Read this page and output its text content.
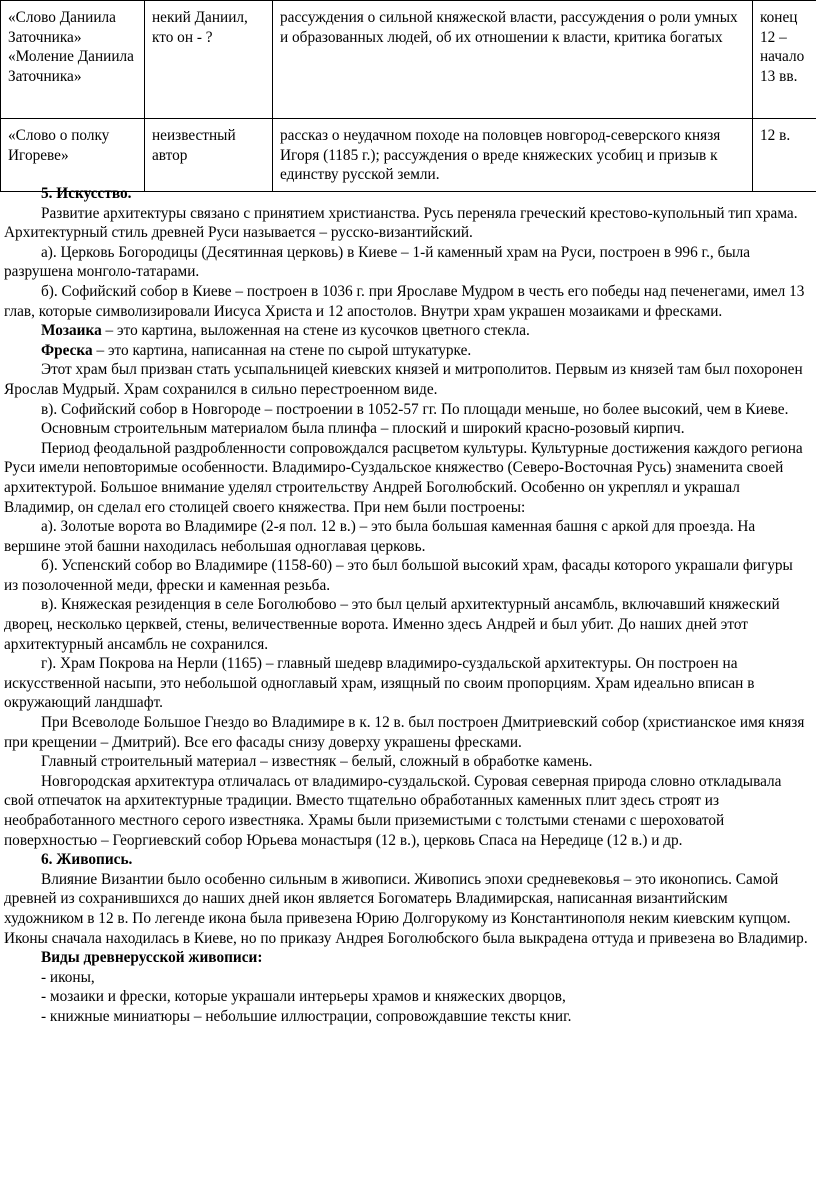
«Слово Даниила Заточника» «Моление Даниила Заточника»	некий Даниил, кто он - ?	рассуждения о сильной княжеской власти, рассуждения о роли умных и образованных людей, об их отношении к власти, критика богатых	конец 12 – начало 13 вв.
«Слово о полку Игореве»	неизвестный автор	рассказ о неудачном походе на половцев новгород-северского князя Игоря (1185 г.); рассуждения о вреде княжеских усобиц и призыв к единству русской земли.	12 в.

5. Искусство.

Развитие архитектуры связано с принятием христианства. Русь переняла греческий крестово-купольный тип храма. Архитектурный стиль древней Руси называется – русско-византийский.

а). Церковь Богородицы (Десятинная церковь) в Киеве – 1-й каменный храм на Руси, построен в 996 г., была разрушена монголо-татарами.

б). Софийский собор в Киеве – построен в 1036 г. при Ярославе Мудром в честь его победы над печенегами, имел 13 глав, которые символизировали Иисуса Христа и 12 апостолов. Внутри храм украшен мозаиками и фресками.

Мозаика – это картина, выложенная на стене из кусочков цветного стекла.

Фреска – это картина, написанная на стене по сырой штукатурке.

Этот храм был призван стать усыпальницей киевских князей и митрополитов. Первым из князей там был похоронен Ярослав Мудрый. Храм сохранился в сильно перестроенном виде.

в). Софийский собор в Новгороде – построении в 1052-57 гг. По площади меньше, но более высокий, чем в Киеве.

Основным строительным материалом была плинфа – плоский и широкий красно-розовый кирпич.

Период феодальной раздробленности сопровождался расцветом культуры. Культурные достижения каждого региона Руси имели неповторимые особенности. Владимиро-Суздальское княжество (Северо-Восточная Русь) знаменита своей архитектурой. Большое внимание уделял строительству Андрей Боголюбский. Особенно он укреплял и украшал Владимир, он сделал его столицей своего княжества. При нем были построены:

а). Золотые ворота во Владимире (2-я пол. 12 в.) – это была большая каменная башня с аркой для проезда. На вершине этой башни находилась небольшая одноглавая церковь.

б). Успенский собор во Владимире (1158-60) – это был большой высокий храм, фасады которого украшали фигуры из позолоченной меди, фрески и каменная резьба.

в). Княжеская резиденция в селе Боголюбово – это был целый архитектурный ансамбль, включавший княжеский дворец, несколько церквей, стены, величественные ворота. Именно здесь Андрей и был убит. До наших дней этот архитектурный ансамбль не сохранился.

г). Храм Покрова на Нерли (1165) – главный шедевр владимиро-суздальской архитектуры. Он построен на искусственной насыпи, это небольшой одноглавый храм, изящный по своим пропорциям. Храм идеально вписан в окружающий ландшафт.

При Всеволоде Большое Гнездо во Владимире в к. 12 в. был построен Дмитриевский собор (христианское имя князя при крещении – Дмитрий). Все его фасады снизу доверху украшены фресками.

Главный строительный материал – известняк – белый, сложный в обработке камень.

Новгородская архитектура отличалась от владимиро-суздальской. Суровая северная природа словно откладывала свой отпечаток на архитектурные традиции. Вместо тщательно обработанных каменных плит здесь строят из необработанного местного серого известняка. Храмы были приземистыми с толстыми стенами с шероховатой поверхностью – Георгиевский собор Юрьева монастыря (12 в.), церковь Спаса на Нередице (12 в.) и др.

6. Живопись.

Влияние Византии было особенно сильным в живописи. Живопись эпохи средневековья – это иконопись. Самой древней из сохранившихся до наших дней икон является Богоматерь Владимирская, написанная византийским художником в 12 в. По легенде икона была привезена Юрию Долгорукому из Константинополя неким киевским купцом. Иконы сначала находилась в Киеве, но по приказу Андрея Боголюбского была выкрадена оттуда и привезена во Владимир.

Виды древнерусской живописи:

- иконы,

- мозаики и фрески, которые украшали интерьеры храмов и княжеских дворцов,

- книжные миниатюры – небольшие иллюстрации, сопровождавшие тексты книг.
